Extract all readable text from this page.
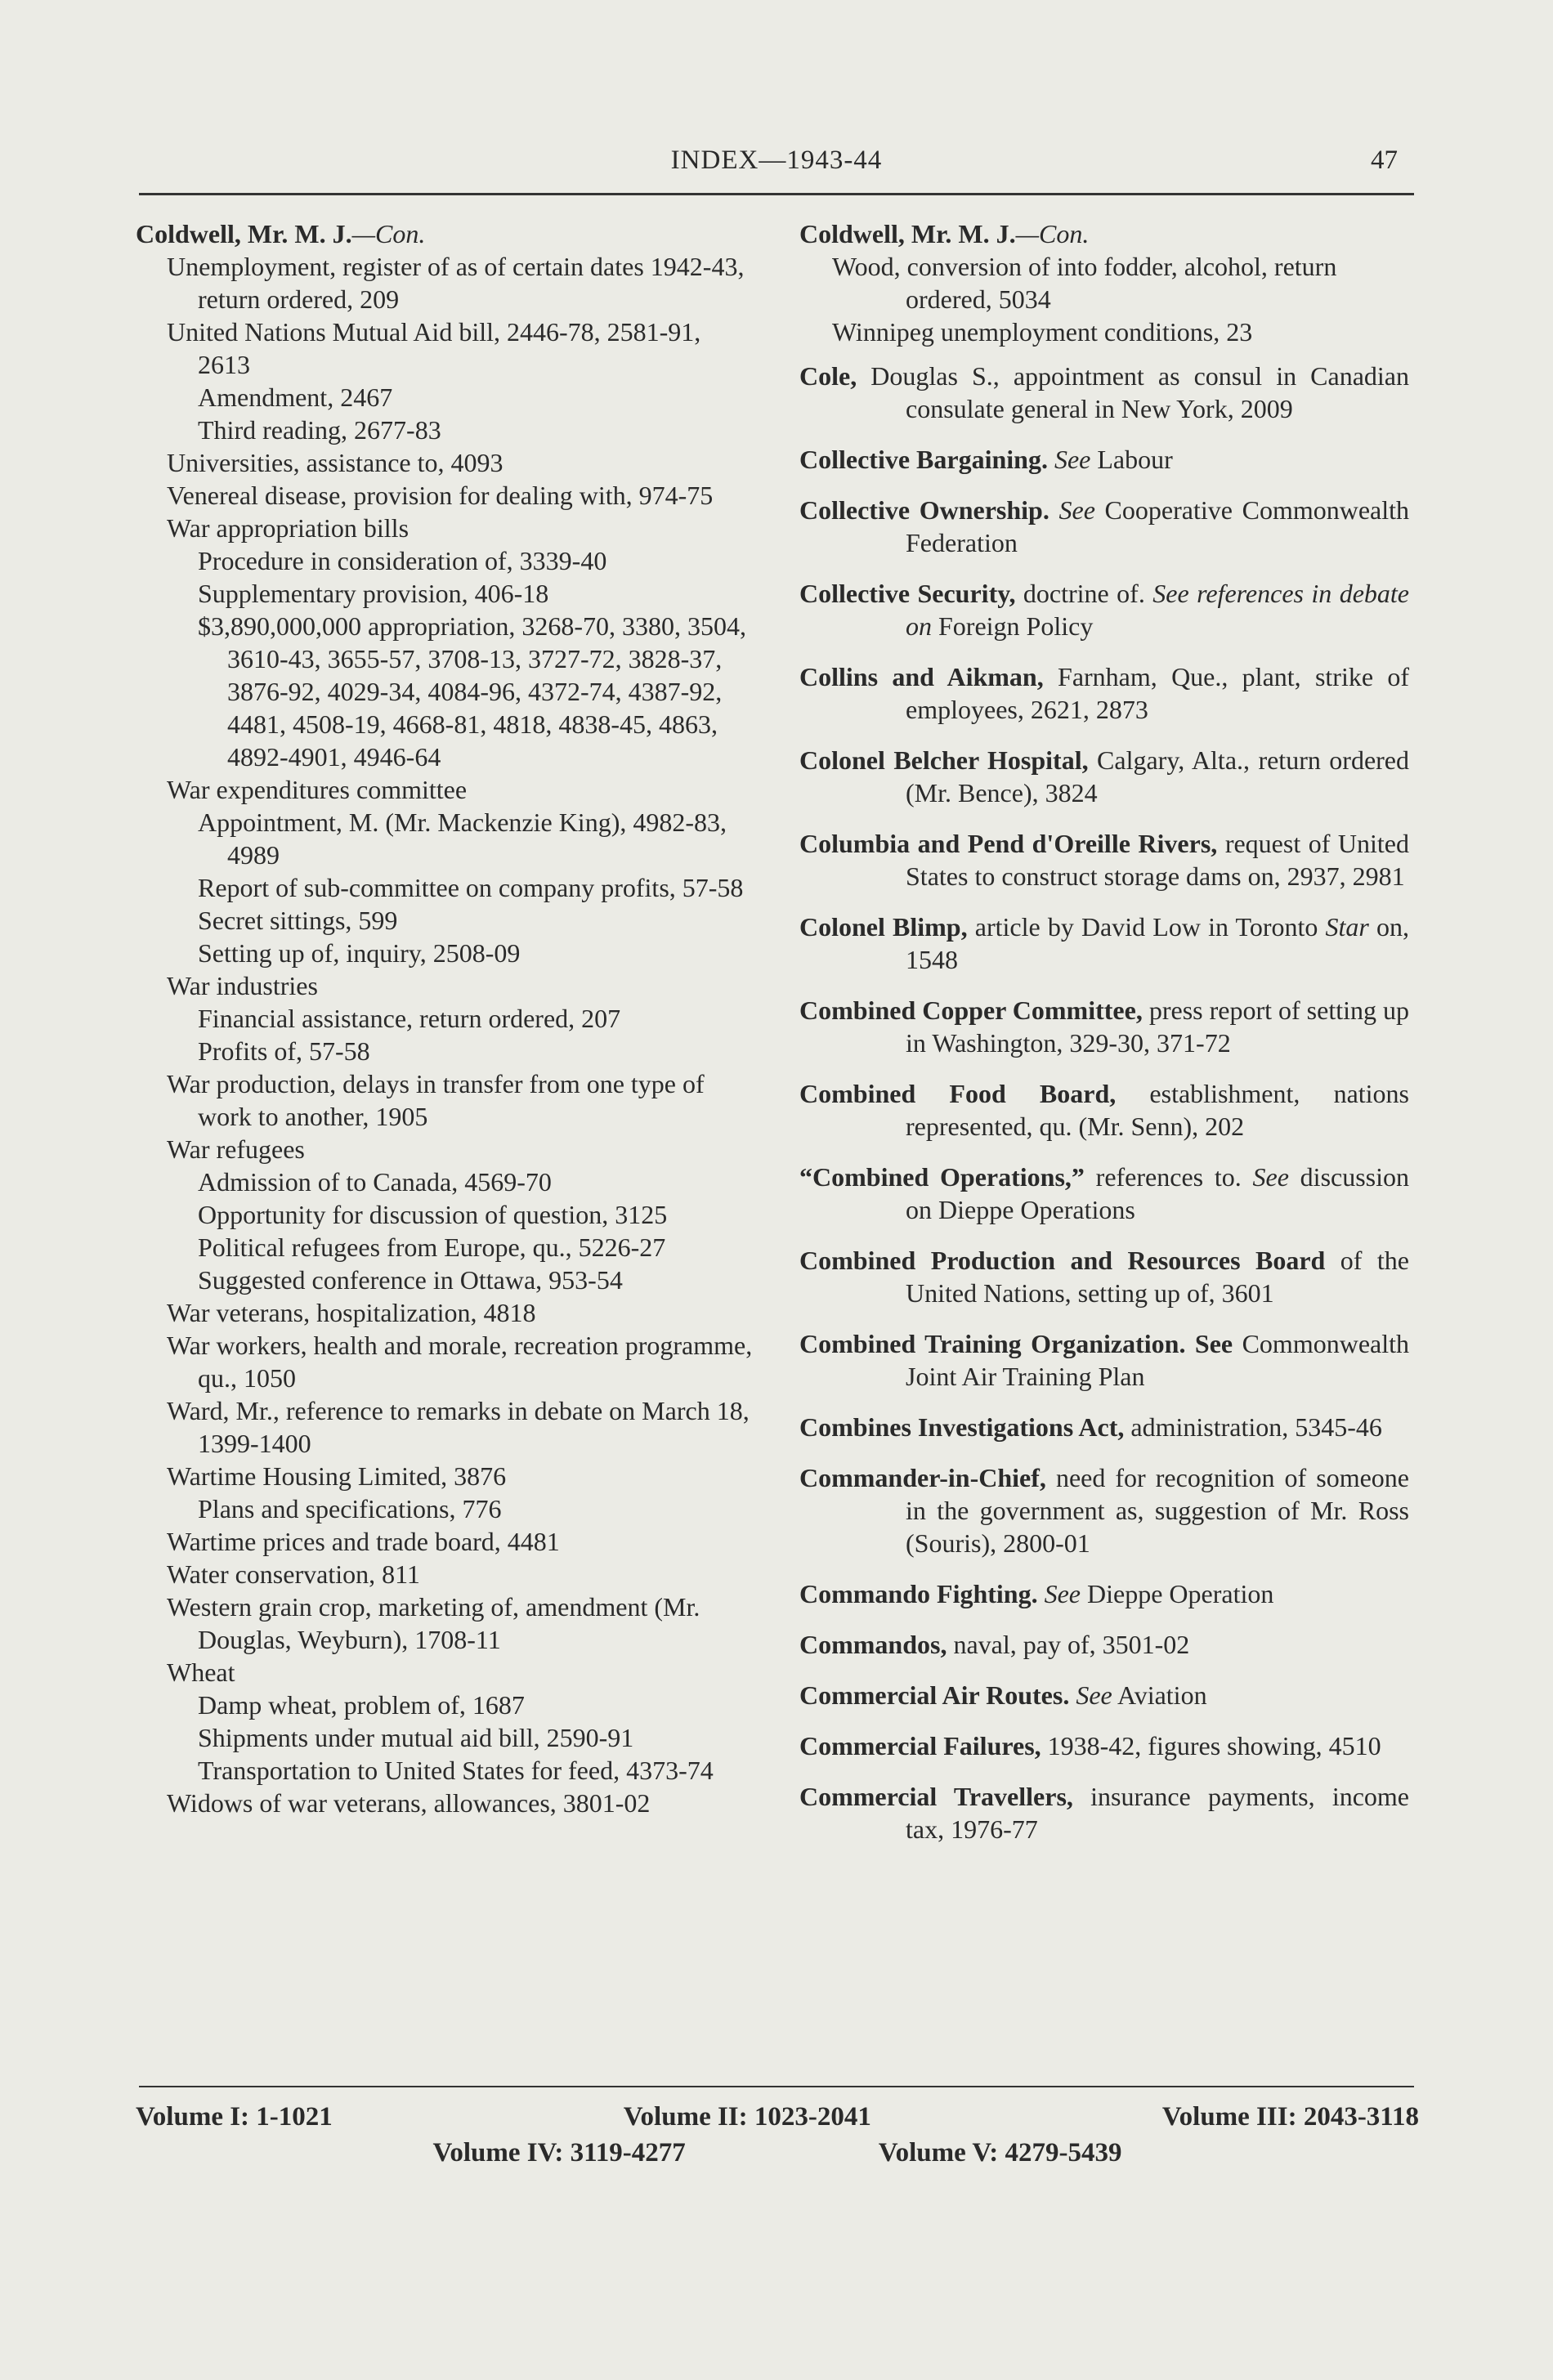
INDEX—1943-44	47

Coldwell, Mr. M. J.—Con.

Unemployment, register of as of certain dates 1942-43, return ordered, 209

United Nations Mutual Aid bill, 2446-78, 2581-91, 2613

Amendment, 2467

Third reading, 2677-83

Universities, assistance to, 4093

Venereal disease, provision for dealing with, 974-75

War appropriation bills

Procedure in consideration of, 3339-40

Supplementary provision, 406-18

$3,890,000,000 appropriation, 3268-70, 3380, 3504, 3610-43, 3655-57, 3708-13, 3727-72, 3828-37, 3876-92, 4029-34, 4084-96, 4372-74, 4387-92, 4481, 4508-19, 4668-81, 4818, 4838-45, 4863, 4892-4901, 4946-64

War expenditures committee

Appointment, M. (Mr. Mackenzie King), 4982-83, 4989

Report of sub-committee on company profits, 57-58

Secret sittings, 599

Setting up of, inquiry, 2508-09

War industries

Financial assistance, return ordered, 207

Profits of, 57-58

War production, delays in transfer from one type of work to another, 1905

War refugees

Admission of to Canada, 4569-70

Opportunity for discussion of question, 3125

Political refugees from Europe, qu., 5226-27

Suggested conference in Ottawa, 953-54

War veterans, hospitalization, 4818

War workers, health and morale, recreation programme, qu., 1050

Ward, Mr., reference to remarks in debate on March 18, 1399-1400

Wartime Housing Limited, 3876

Plans and specifications, 776

Wartime prices and trade board, 4481

Water conservation, 811

Western grain crop, marketing of, amendment (Mr. Douglas, Weyburn), 1708-11

Wheat

Damp wheat, problem of, 1687

Shipments under mutual aid bill, 2590-91

Transportation to United States for feed, 4373-74

Widows of war veterans, allowances, 3801-02

Coldwell, Mr. M. J.—Con.

Wood, conversion of into fodder, alcohol, return ordered, 5034

Winnipeg unemployment conditions, 23

Cole, Douglas S., appointment as consul in Canadian consulate general in New York, 2009

Collective Bargaining. See Labour

Collective Ownership. See Cooperative Commonwealth Federation

Collective Security, doctrine of. See references in debate on Foreign Policy

Collins and Aikman, Farnham, Que., plant, strike of employees, 2621, 2873

Colonel Belcher Hospital, Calgary, Alta., return ordered (Mr. Bence), 3824

Columbia and Pend d'Oreille Rivers, request of United States to construct storage dams on, 2937, 2981

Colonel Blimp, article by David Low in Toronto Star on, 1548

Combined Copper Committee, press report of setting up in Washington, 329-30, 371-72

Combined Food Board, establishment, nations represented, qu. (Mr. Senn), 202

“Combined Operations,” references to. See discussion on Dieppe Operations

Combined Production and Resources Board of the United Nations, setting up of, 3601

Combined Training Organization. See Commonwealth Joint Air Training Plan

Combines Investigations Act, administration, 5345-46

Commander-in-Chief, need for recognition of someone in the government as, suggestion of Mr. Ross (Souris), 2800-01

Commando Fighting. See Dieppe Operation

Commandos, naval, pay of, 3501-02

Commercial Air Routes. See Aviation

Commercial Failures, 1938-42, figures showing, 4510

Commercial Travellers, insurance payments, income tax, 1976-77

Volume I: 1-1021	Volume II: 1023-2041	Volume III: 2043-3118
Volume IV: 3119-4277	Volume V: 4279-5439
